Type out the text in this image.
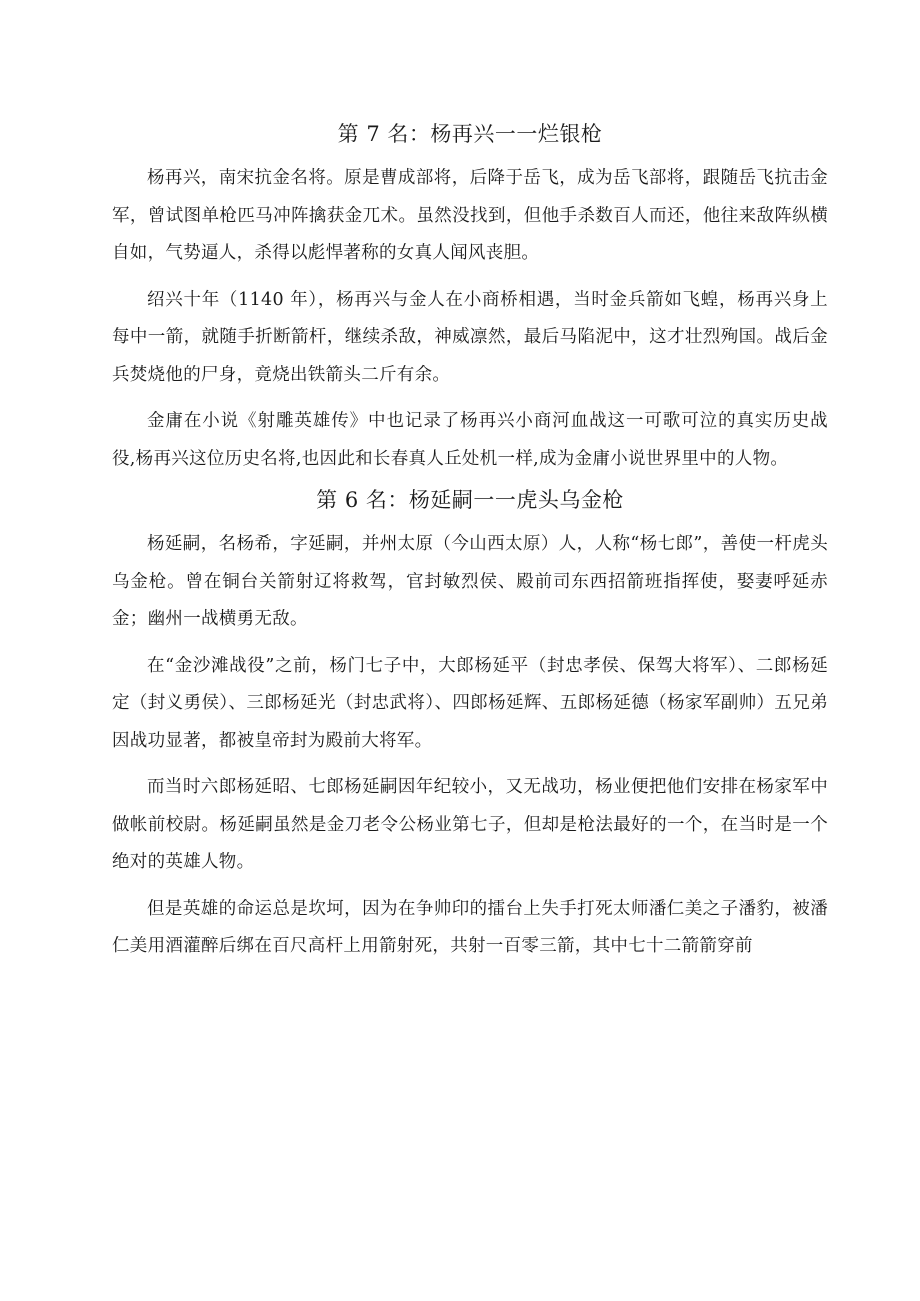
第 7 名：杨再兴一一烂银枪

杨再兴，南宋抗金名将。原是曹成部将，后降于岳飞，成为岳飞部将，跟随岳飞抗击金军，曾试图单枪匹马冲阵擒获金兀术。虽然没找到，但他手杀数百人而还，他往来敌阵纵横自如，气势逼人，杀得以彪悍著称的女真人闻风丧胆。

绍兴十年（1140 年），杨再兴与金人在小商桥相遇，当时金兵箭如飞蝗，杨再兴身上每中一箭，就随手折断箭杆，继续杀敌，神威凛然，最后马陷泥中，这才壮烈殉国。战后金兵焚烧他的尸身，竟烧出铁箭头二斤有余。

金庸在小说《射雕英雄传》中也记录了杨再兴小商河血战这一可歌可泣的真实历史战役,杨再兴这位历史名将,也因此和长春真人丘处机一样,成为金庸小说世界里中的人物。

第 6 名：杨延嗣一一虎头乌金枪

杨延嗣，名杨希，字延嗣，并州太原（今山西太原）人，人称“杨七郎”，善使一杆虎头乌金枪。曾在铜台关箭射辽将救驾，官封敏烈侯、殿前司东西招箭班指挥使，娶妻呼延赤金；幽州一战横勇无敌。

在“金沙滩战役”之前，杨门七子中，大郎杨延平（封忠孝侯、保驾大将军）、二郎杨延定（封义勇侯）、三郎杨延光（封忠武将）、四郎杨延辉、五郎杨延德（杨家军副帅）五兄弟因战功显著，都被皇帝封为殿前大将军。

而当时六郎杨延昭、七郎杨延嗣因年纪较小，又无战功，杨业便把他们安排在杨家军中做帐前校尉。杨延嗣虽然是金刀老令公杨业第七子，但却是枪法最好的一个，在当时是一个绝对的英雄人物。

但是英雄的命运总是坎坷，因为在争帅印的擂台上失手打死太师潘仁美之子潘豹，被潘仁美用酒灌醉后绑在百尺高杆上用箭射死，共射一百零三箭，其中七十二箭箭穿前
